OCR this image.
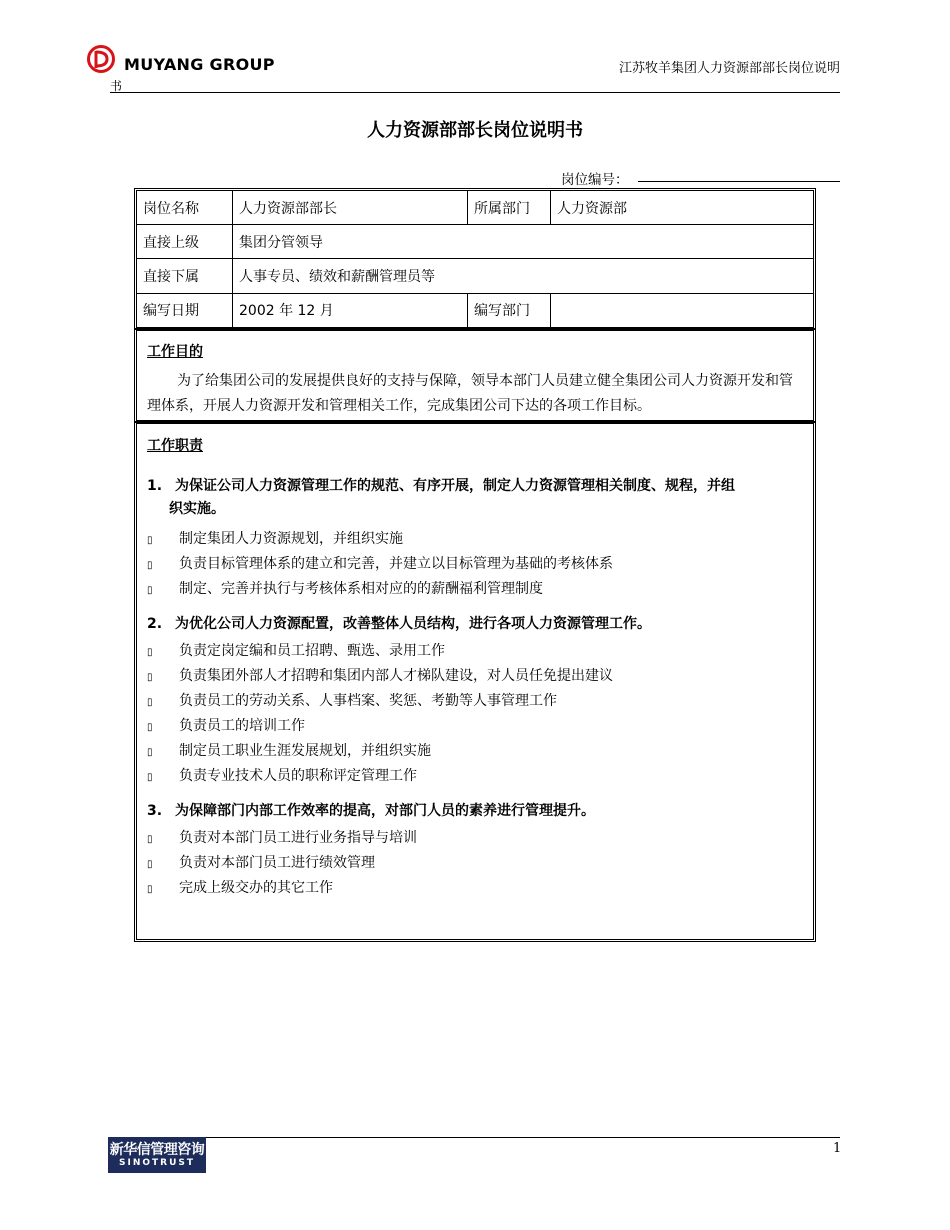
MUYANG GROUP
书
江苏牧羊集团人力资源部部长岗位说明
人力资源部部长岗位说明书
岗位编号：
岗位名称	人力资源部部长	所属部门	人力资源部
直接上级	集团分管领导		
直接下属	人事专员、绩效和薪酬管理员等		
编写日期	2002 年 12 月	编写部门	
工作目的
为了给集团公司的发展提供良好的支持与保障，领导本部门人员建立健全集团公司人力资源开发和管理体系，开展人力资源开发和管理相关工作，完成集团公司下达的各项工作目标。
工作职责
1. 为保证公司人力资源管理工作的规范、有序开展，制定人力资源管理相关制度、规程，并组
织实施。
▯ 制定集团人力资源规划，并组织实施
▯ 负责目标管理体系的建立和完善，并建立以目标管理为基础的考核体系
▯ 制定、完善并执行与考核体系相对应的的薪酬福利管理制度
2. 为优化公司人力资源配置，改善整体人员结构，进行各项人力资源管理工作。
▯ 负责定岗定编和员工招聘、甄选、录用工作
▯ 负责集团外部人才招聘和集团内部人才梯队建设，对人员任免提出建议
▯ 负责员工的劳动关系、人事档案、奖惩、考勤等人事管理工作
▯ 负责员工的培训工作
▯ 制定员工职业生涯发展规划，并组织实施
▯ 负责专业技术人员的职称评定管理工作
3. 为保障部门内部工作效率的提高，对部门人员的素养进行管理提升。
▯ 负责对本部门员工进行业务指导与培训
▯ 负责对本部门员工进行绩效管理
▯ 完成上级交办的其它工作
新华信管理咨询
SINOTRUST
1
